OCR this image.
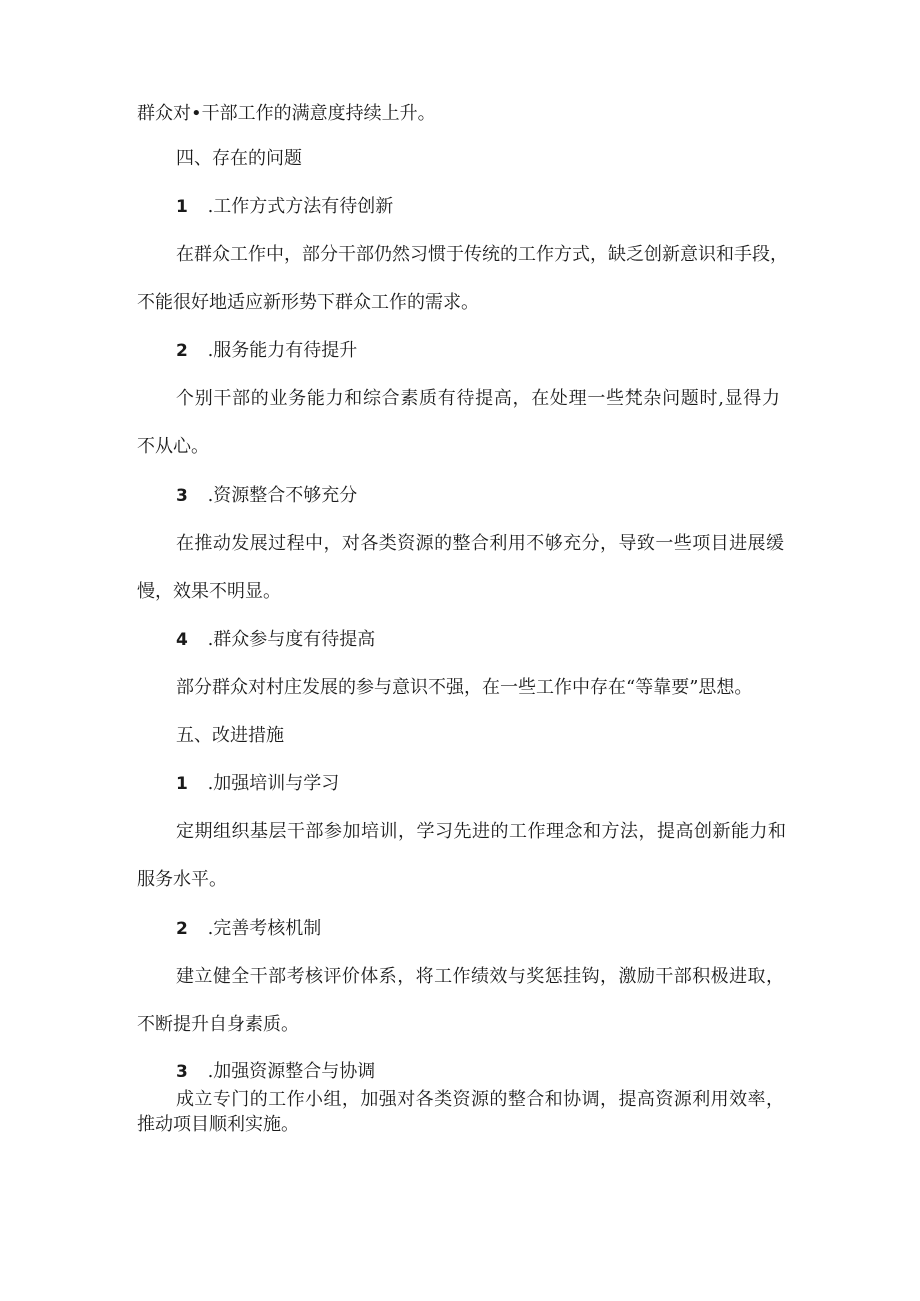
群众对•干部工作的满意度持续上升。

四、存在的问题

1 .工作方式方法有待创新

在群众工作中，部分干部仍然习惯于传统的工作方式，缺乏创新意识和手段，

不能很好地适应新形势下群众工作的需求。

2 .服务能力有待提升

个别干部的业务能力和综合素质有待提高，在处理一些梵杂问题时,显得力

不从心。

3 .资源整合不够充分

在推动发展过程中，对各类资源的整合利用不够充分，导致一些项目进展缓

慢，效果不明显。

4 .群众参与度有待提高

部分群众对村庄发展的参与意识不强，在一些工作中存在“等靠要”思想。

五、改进措施

1 .加强培训与学习

定期组织基层干部参加培训，学习先进的工作理念和方法，提高创新能力和

服务水平。

2 .完善考核机制

建立健全干部考核评价体系，将工作绩效与奖惩挂钩，激励干部积极进取，

不断提升自身素质。

3 .加强资源整合与协调

成立专门的工作小组，加强对各类资源的整合和协调，提高资源利用效率，

推动项目顺利实施。
